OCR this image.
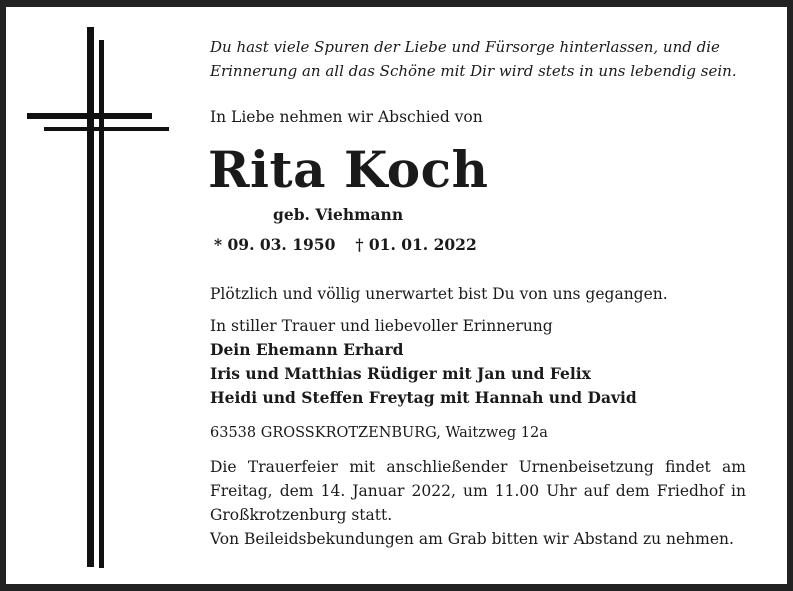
Du hast viele Spuren der Liebe und Fürsorge hinterlassen, und die
Erinnerung an all das Schöne mit Dir wird stets in uns lebendig sein.
In Liebe nehmen wir Abschied von
Rita Koch
geb. Viehmann
* 09. 03. 1950 † 01. 01. 2022
Plötzlich und völlig unerwartet bist Du von uns gegangen.
In stiller Trauer und liebevoller Erinnerung
Dein Ehemann Erhard
Iris und Matthias Rüdiger mit Jan und Felix
Heidi und Steffen Freytag mit Hannah und David
63538 GROSSKROTZENBURG, Waitzweg 12a
Die Trauerfeier mit anschließender Urnenbeisetzung findet am
Freitag, dem 14. Januar 2022, um 11.00 Uhr auf dem Friedhof in
Großkrotzenburg statt.
Von Beileidsbekundungen am Grab bitten wir Abstand zu nehmen.
